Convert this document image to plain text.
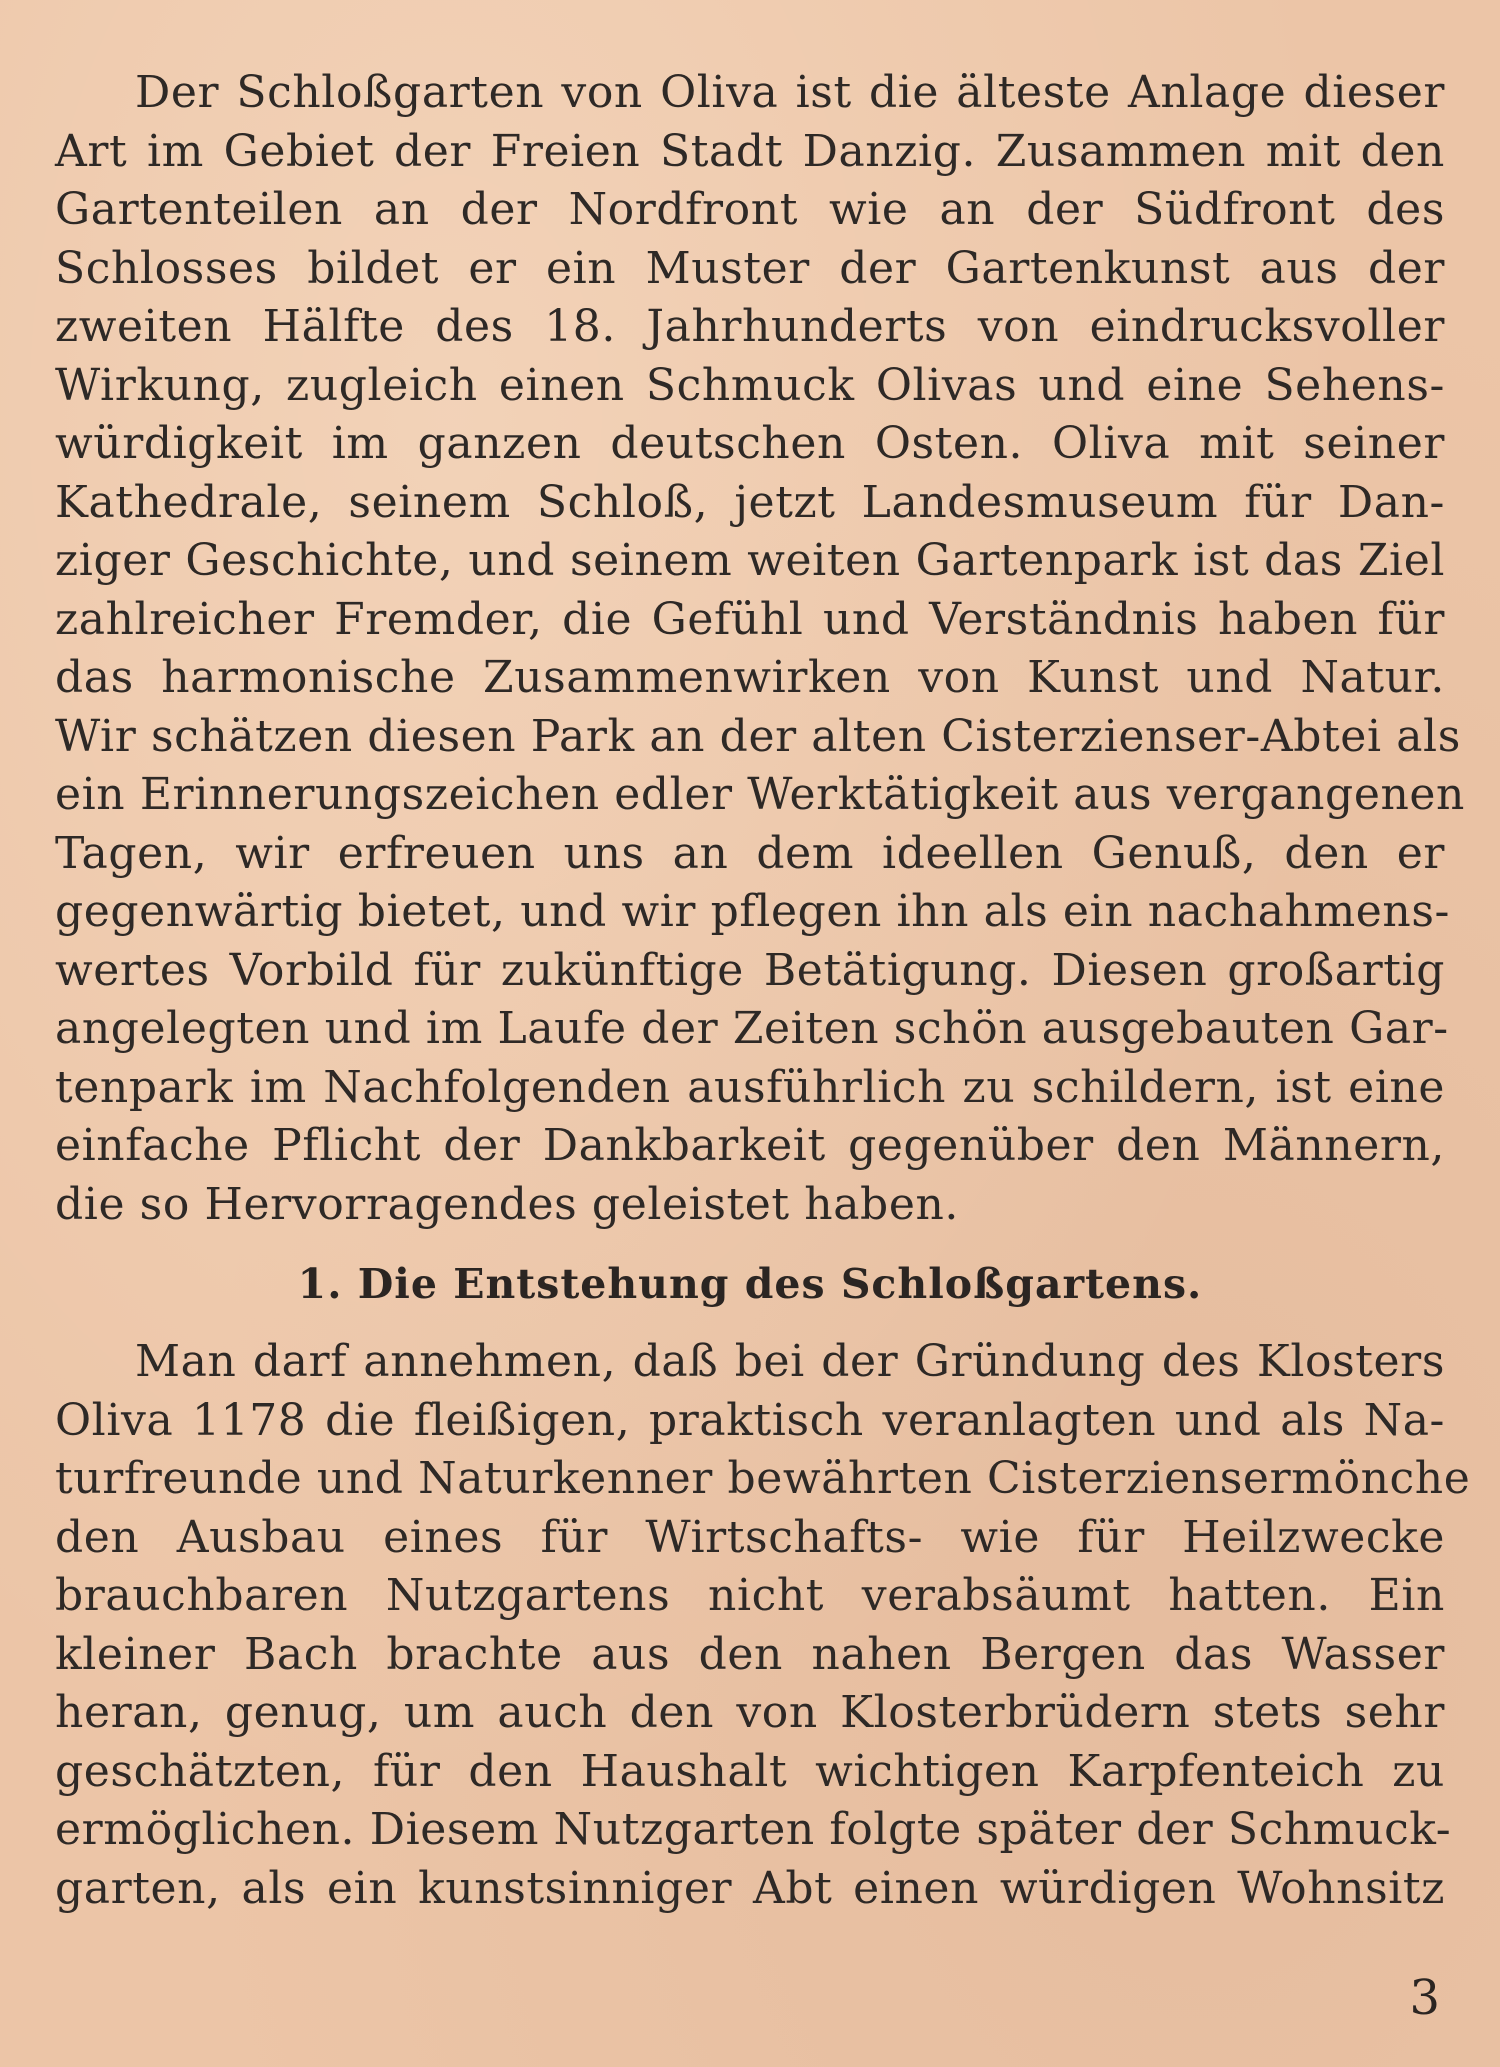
Der Schloßgarten von Oliva ist die älteste Anlage dieser
Art im Gebiet der Freien Stadt Danzig. Zusammen mit den
Gartenteilen an der Nordfront wie an der Südfront des
Schlosses bildet er ein Muster der Gartenkunst aus der
zweiten Hälfte des 18. Jahrhunderts von eindrucksvoller
Wirkung, zugleich einen Schmuck Olivas und eine Sehens-
würdigkeit im ganzen deutschen Osten. Oliva mit seiner
Kathedrale, seinem Schloß, jetzt Landesmuseum für Dan-
ziger Geschichte, und seinem weiten Gartenpark ist das Ziel
zahlreicher Fremder, die Gefühl und Verständnis haben für
das harmonische Zusammenwirken von Kunst und Natur.
Wir schätzen diesen Park an der alten Cisterzienser-Abtei als
ein Erinnerungszeichen edler Werktätigkeit aus vergangenen
Tagen, wir erfreuen uns an dem ideellen Genuß, den er
gegenwärtig bietet, und wir pflegen ihn als ein nachahmens-
wertes Vorbild für zukünftige Betätigung. Diesen großartig
angelegten und im Laufe der Zeiten schön ausgebauten Gar-
tenpark im Nachfolgenden ausführlich zu schildern, ist eine
einfache Pflicht der Dankbarkeit gegenüber den Männern,
die so Hervorragendes geleistet haben.
1. Die Entstehung des Schloßgartens.
Man darf annehmen, daß bei der Gründung des Klosters
Oliva 1178 die fleißigen, praktisch veranlagten und als Na-
turfreunde und Naturkenner bewährten Cisterziensermönche
den Ausbau eines für Wirtschafts- wie für Heilzwecke
brauchbaren Nutzgartens nicht verabsäumt hatten. Ein
kleiner Bach brachte aus den nahen Bergen das Wasser
heran, genug, um auch den von Klosterbrüdern stets sehr
geschätzten, für den Haushalt wichtigen Karpfenteich zu
ermöglichen. Diesem Nutzgarten folgte später der Schmuck-
garten, als ein kunstsinniger Abt einen würdigen Wohnsitz
3
